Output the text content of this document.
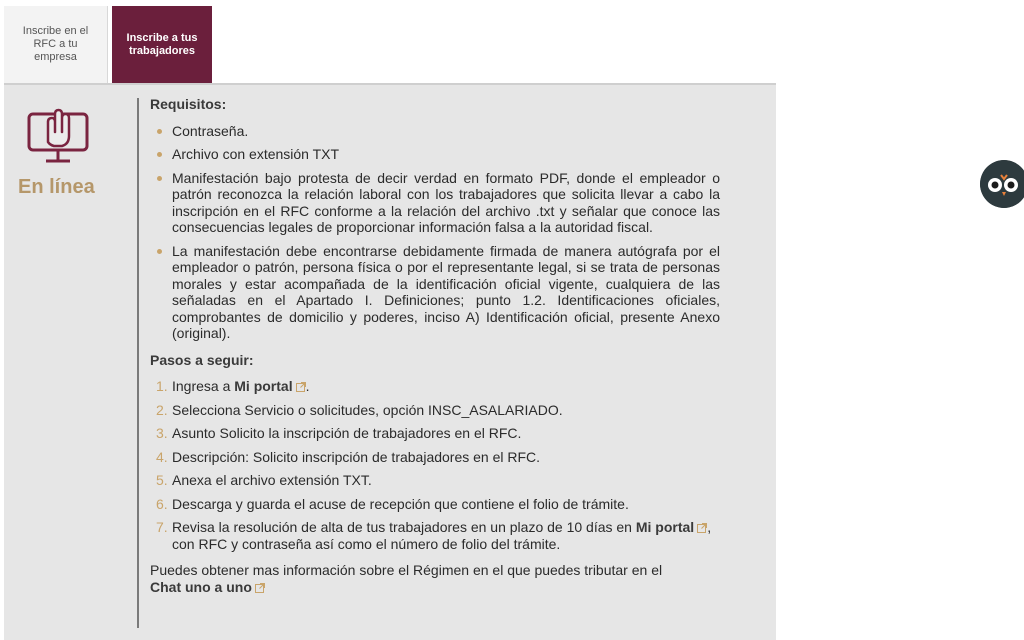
Inscribe en el RFC a tu empresa
Inscribe a tus trabajadores
En línea
Requisitos:
Contraseña.
Archivo con extensión TXT
Manifestación bajo protesta de decir verdad en formato PDF, donde el empleador o patrón reconozca la relación laboral con los trabajadores que solicita llevar a cabo la inscripción en el RFC conforme a la relación del archivo .txt y señalar que conoce las consecuencias legales de proporcionar información falsa a la autoridad fiscal.
La manifestación debe encontrarse debidamente firmada de manera autógrafa por el empleador o patrón, persona física o por el representante legal, si se trata de personas morales y estar acompañada de la identificación oficial vigente, cualquiera de las señaladas en el Apartado I. Definiciones; punto 1.2. Identificaciones oficiales, comprobantes de domicilio y poderes, inciso A) Identificación oficial, presente Anexo (original).
Pasos a seguir:
1. Ingresa a Mi portal .
2. Selecciona Servicio o solicitudes, opción INSC_ASALARIADO.
3. Asunto Solicito la inscripción de trabajadores en el RFC.
4. Descripción: Solicito inscripción de trabajadores en el RFC.
5. Anexa el archivo extensión TXT.
6. Descarga y guarda el acuse de recepción que contiene el folio de trámite.
7. Revisa la resolución de alta de tus trabajadores en un plazo de 10 días en Mi portal , con RFC y contraseña así como el número de folio del trámite.
Puedes obtener mas información sobre el Régimen en el que puedes tributar en el
Chat uno a uno
